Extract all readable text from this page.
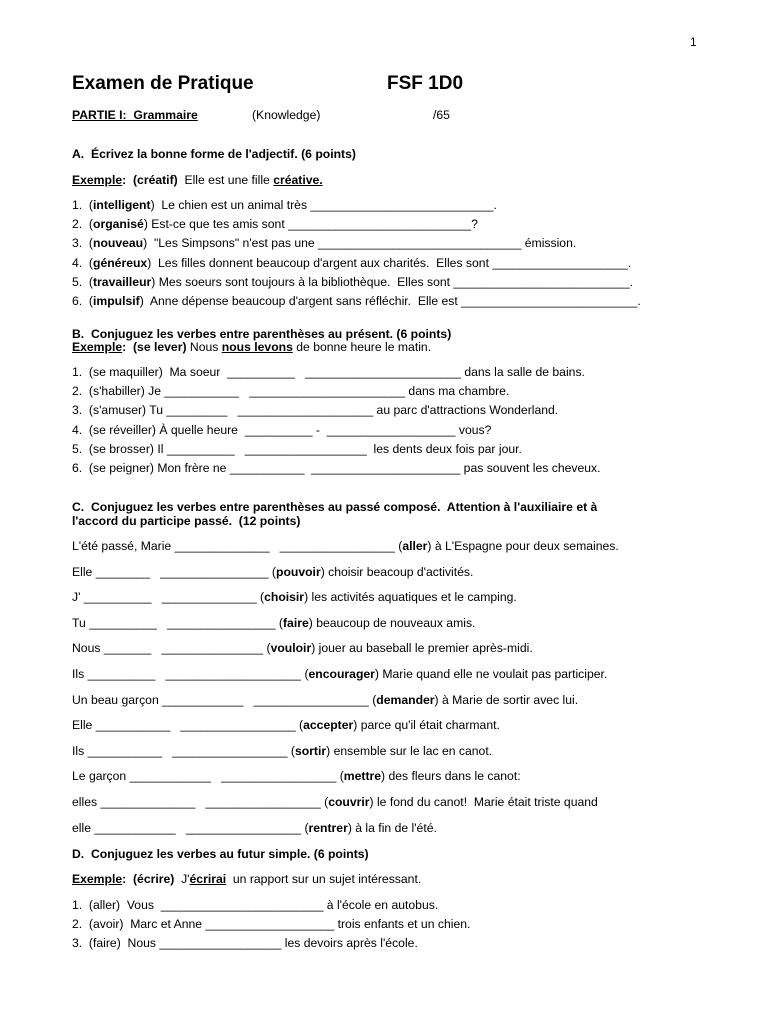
1
Examen de Pratique	FSF 1D0
PARTIE I:  Grammaire	(Knowledge)	/65
A.  Écrivez la bonne forme de l'adjectif. (6 points)
Exemple:  (créatif)  Elle est une fille créative.
1.  (intelligent)  Le chien est un animal très ___________________________.
2.  (organisé) Est-ce que tes amis sont ___________________________?
3.  (nouveau)  "Les Simpsons" n'est pas une ______________________________ émission.
4.  (généreux)  Les filles donnent beaucoup d'argent aux charités.  Elles sont ____________________.
5.  (travailleur) Mes soeurs sont toujours à la bibliothèque.  Elles sont __________________________.
6.  (impulsif)  Anne dépense beaucoup d'argent sans réfléchir.  Elle est __________________________.
B.  Conjuguez les verbes entre parenthèses au présent. (6 points)
Exemple:  (se lever) Nous nous levons de bonne heure le matin.
1.  (se maquiller)  Ma soeur  __________   _______________________ dans la salle de bains.
2.  (s'habiller) Je ___________   _______________________ dans ma chambre.
3.  (s'amuser) Tu _________   ____________________ au parc d'attractions Wonderland.
4.  (se réveiller) À quelle heure  __________ -  ___________________ vous?
5.  (se brosser) Il __________   __________________  les dents deux fois par jour.
6.  (se peigner) Mon frère ne ___________  ______________________ pas souvent les cheveux.
C.  Conjuguez les verbes entre parenthèses au passé composé.  Attention à l'auxiliaire et à
l'accord du participe passé.  (12 points)
L'été passé, Marie ______________   _________________ (aller) à L'Espagne pour deux semaines.
Elle ________   ________________ (pouvoir) choisir beacoup d'activités.
J' __________   ______________ (choisir) les activités aquatiques et le camping.
Tu __________   ________________ (faire) beaucoup de nouveaux amis.
Nous _______   _______________ (vouloir) jouer au baseball le premier après-midi.
Ils __________   ____________________ (encourager) Marie quand elle ne voulait pas participer.
Un beau garçon ____________   _________________ (demander) à Marie de sortir avec lui.
Elle ___________   _________________ (accepter) parce qu'il était charmant.
Ils ___________   _________________ (sortir) ensemble sur le lac en canot.
Le garçon ____________   _________________ (mettre) des fleurs dans le canot:
elles ______________   _________________ (couvrir) le fond du canot!  Marie était triste quand
elle ____________   _________________ (rentrer) à la fin de l'été.
D.  Conjuguez les verbes au futur simple. (6 points)
Exemple:  (écrire)  J'écrirai  un rapport sur un sujet intéressant.
1.  (aller)  Vous  ________________________ à l'école en autobus.
2.  (avoir)  Marc et Anne ___________________ trois enfants et un chien.
3.  (faire)  Nous __________________ les devoirs après l'école.
